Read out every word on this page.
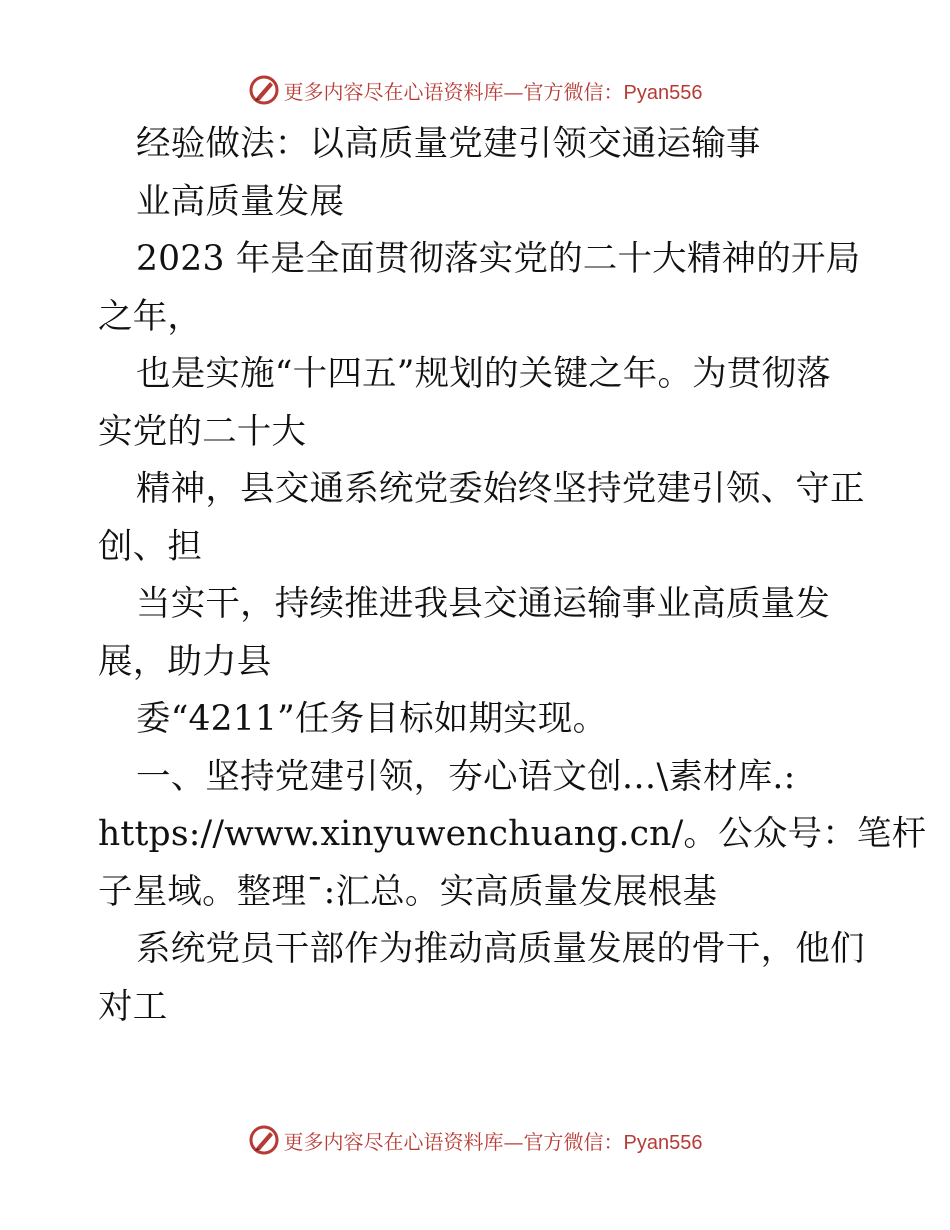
更多内容尽在心语资料库—官方微信：Pyan556
经验做法：以高质量党建引领交通运输事
业高质量发展
2023 年是全面贯彻落实党的二十大精神的开局
之年，
也是实施“十四五”规划的关键之年。为贯彻落
实党的二十大
精神，县交通系统党委始终坚持党建引领、守正
创、担
当实干，持续推进我县交通运输事业高质量发
展，助力县
委“4211”任务目标如期实现。
一、坚持党建引领，夯心语文创…\素材库.:
https://www.xinyuwenchuang.cn/。公众号：笔杆
子星域。整理¯:汇总。实高质量发展根基
系统党员干部作为推动高质量发展的骨干，他们
对工
更多内容尽在心语资料库—官方微信：Pyan556
